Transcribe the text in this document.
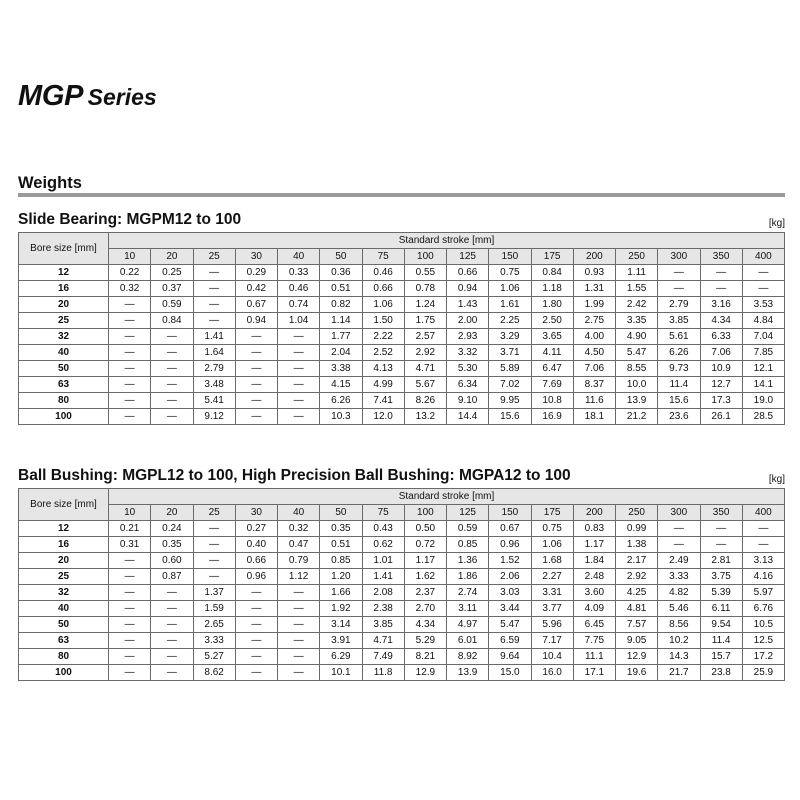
MGP Series
Weights
Slide Bearing: MGPM12 to 100	[kg]
Bore size [mm]	Standard stroke [mm]															
	10	20	25	30	40	50	75	100	125	150	175	200	250	300	350	400
12	0.22	0.25	—	0.29	0.33	0.36	0.46	0.55	0.66	0.75	0.84	0.93	1.11	—	—	—
16	0.32	0.37	—	0.42	0.46	0.51	0.66	0.78	0.94	1.06	1.18	1.31	1.55	—	—	—
20	—	0.59	—	0.67	0.74	0.82	1.06	1.24	1.43	1.61	1.80	1.99	2.42	2.79	3.16	3.53
25	—	0.84	—	0.94	1.04	1.14	1.50	1.75	2.00	2.25	2.50	2.75	3.35	3.85	4.34	4.84
32	—	—	1.41	—	—	1.77	2.22	2.57	2.93	3.29	3.65	4.00	4.90	5.61	6.33	7.04
40	—	—	1.64	—	—	2.04	2.52	2.92	3.32	3.71	4.11	4.50	5.47	6.26	7.06	7.85
50	—	—	2.79	—	—	3.38	4.13	4.71	5.30	5.89	6.47	7.06	8.55	9.73	10.9	12.1
63	—	—	3.48	—	—	4.15	4.99	5.67	6.34	7.02	7.69	8.37	10.0	11.4	12.7	14.1
80	—	—	5.41	—	—	6.26	7.41	8.26	9.10	9.95	10.8	11.6	13.9	15.6	17.3	19.0
100	—	—	9.12	—	—	10.3	12.0	13.2	14.4	15.6	16.9	18.1	21.2	23.6	26.1	28.5
Ball Bushing: MGPL12 to 100, High Precision Ball Bushing: MGPA12 to 100	[kg]
Bore size [mm]	Standard stroke [mm]															
	10	20	25	30	40	50	75	100	125	150	175	200	250	300	350	400
12	0.21	0.24	—	0.27	0.32	0.35	0.43	0.50	0.59	0.67	0.75	0.83	0.99	—	—	—
16	0.31	0.35	—	0.40	0.47	0.51	0.62	0.72	0.85	0.96	1.06	1.17	1.38	—	—	—
20	—	0.60	—	0.66	0.79	0.85	1.01	1.17	1.36	1.52	1.68	1.84	2.17	2.49	2.81	3.13
25	—	0.87	—	0.96	1.12	1.20	1.41	1.62	1.86	2.06	2.27	2.48	2.92	3.33	3.75	4.16
32	—	—	1.37	—	—	1.66	2.08	2.37	2.74	3.03	3.31	3.60	4.25	4.82	5.39	5.97
40	—	—	1.59	—	—	1.92	2.38	2.70	3.11	3.44	3.77	4.09	4.81	5.46	6.11	6.76
50	—	—	2.65	—	—	3.14	3.85	4.34	4.97	5.47	5.96	6.45	7.57	8.56	9.54	10.5
63	—	—	3.33	—	—	3.91	4.71	5.29	6.01	6.59	7.17	7.75	9.05	10.2	11.4	12.5
80	—	—	5.27	—	—	6.29	7.49	8.21	8.92	9.64	10.4	11.1	12.9	14.3	15.7	17.2
100	—	—	8.62	—	—	10.1	11.8	12.9	13.9	15.0	16.0	17.1	19.6	21.7	23.8	25.9
